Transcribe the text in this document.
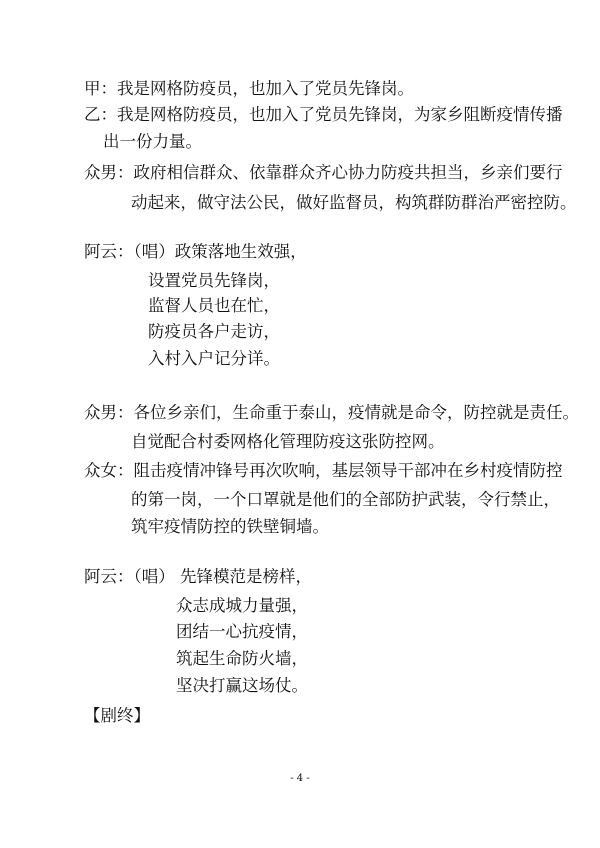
甲：我是网格防疫员，也加入了党员先锋岗。
乙：我是网格防疫员，也加入了党员先锋岗，为家乡阻断疫情传播
出一份力量。
众男：政府相信群众、依靠群众齐心协力防疫共担当，乡亲们要行
动起来，做守法公民，做好监督员，构筑群防群治严密控防。
阿云：（唱）政策落地生效强，
设置党员先锋岗，
监督人员也在忙，
防疫员各户走访，
入村入户记分详。
众男：各位乡亲们，生命重于泰山，疫情就是命令，防控就是责任。
自觉配合村委网格化管理防疫这张防控网。
众女：阻击疫情冲锋号再次吹响，基层领导干部冲在乡村疫情防控
的第一岗，一个口罩就是他们的全部防护武装，令行禁止，
筑牢疫情防控的铁壁铜墙。
阿云：（唱） 先锋模范是榜样，
众志成城力量强，
团结一心抗疫情，
筑起生命防火墙，
坚决打赢这场仗。
【剧终】
- 4 -
